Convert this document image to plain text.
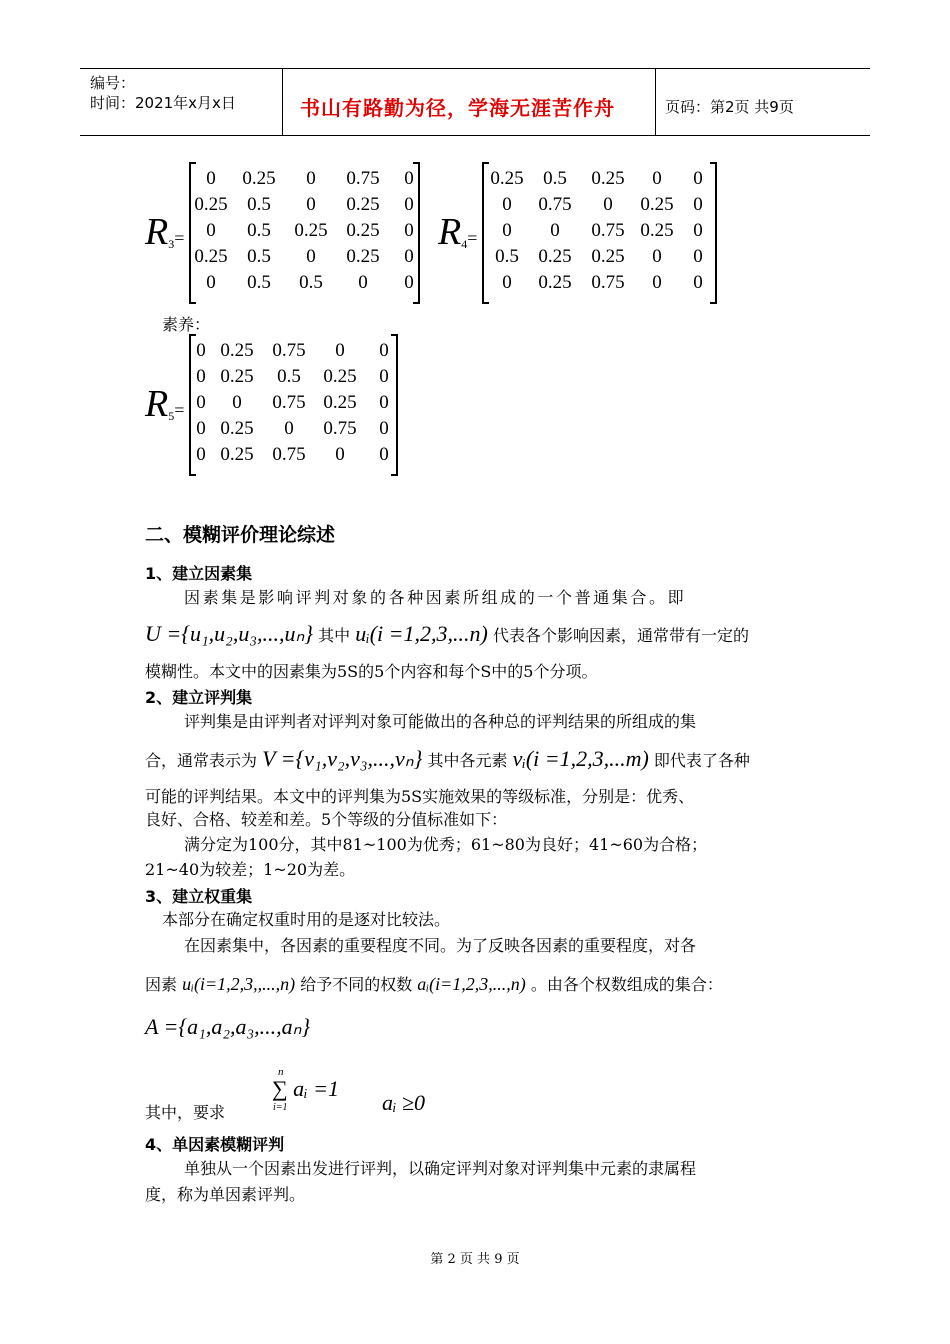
编号：
时间：2021年x月x日	书山有路勤为径，学海无涯苦作舟	页码：第2页 共9页
$R_3=$
0	0.25	0	0.75	0
0.25	0.5	0	0.25	0
0	0.5	0.25 0.25	0
0.25	0.5	0	0.25	0
0	0.5	0.5	0	0
$R_4=$
0.25	0.5	0.25	0	0
0	0.75	0	0.25	0
0	0	0.75 0.25	0
0.5	0.25	0.25	0	0
0	0.25	0.75	0	0
素养：
$R_5=$
0 0.25 0.75	0	0
0 0.25	0.5	0.25	0
0	0	0.75 0.25	0
0 0.25	0	0.75	0
0 0.25 0.75	0	0
二、模糊评价理论综述
1、建立因素集
因素集是影响评判对象的各种因素所组成的一个普通集合。即
U ={u₁,u₂,u₃,...,uₙ} 其中 uᵢ(i =1,2,3,...n) 代表各个影响因素，通常带有一定的
模糊性。本文中的因素集为5S的5个内容和每个S中的5个分项。
2、建立评判集
评判集是由评判者对评判对象可能做出的各种总的评判结果的所组成的集
合，通常表示为 V ={v₁,v₂,v₃,...,vₙ} 其中各元素 vᵢ(i =1,2,3,...m) 即代表了各种
可能的评判结果。本文中的评判集为5S实施效果的等级标准，分别是：优秀、
良好、合格、较差和差。5个等级的分值标准如下：
满分定为100分，其中81~100为优秀；61~80为良好；41~60为合格；
21~40为较差；1~20为差。
3、建立权重集
本部分在确定权重时用的是逐对比较法。
在因素集中，各因素的重要程度不同。为了反映各因素的重要程度，对各
因素 uᵢ(i=1,2,3,,...,n) 给予不同的权数 aᵢ(i=1,2,3,...,n) 。由各个权数组成的集合：
A ={a₁,a₂,a₃,...,aₙ}
其中，要求
n
∑ aᵢ =1
i=1	aᵢ ≥0
4、单因素模糊评判
单独从一个因素出发进行评判，以确定评判对象对评判集中元素的隶属程
度，称为单因素评判。
第 2 页 共 9 页
